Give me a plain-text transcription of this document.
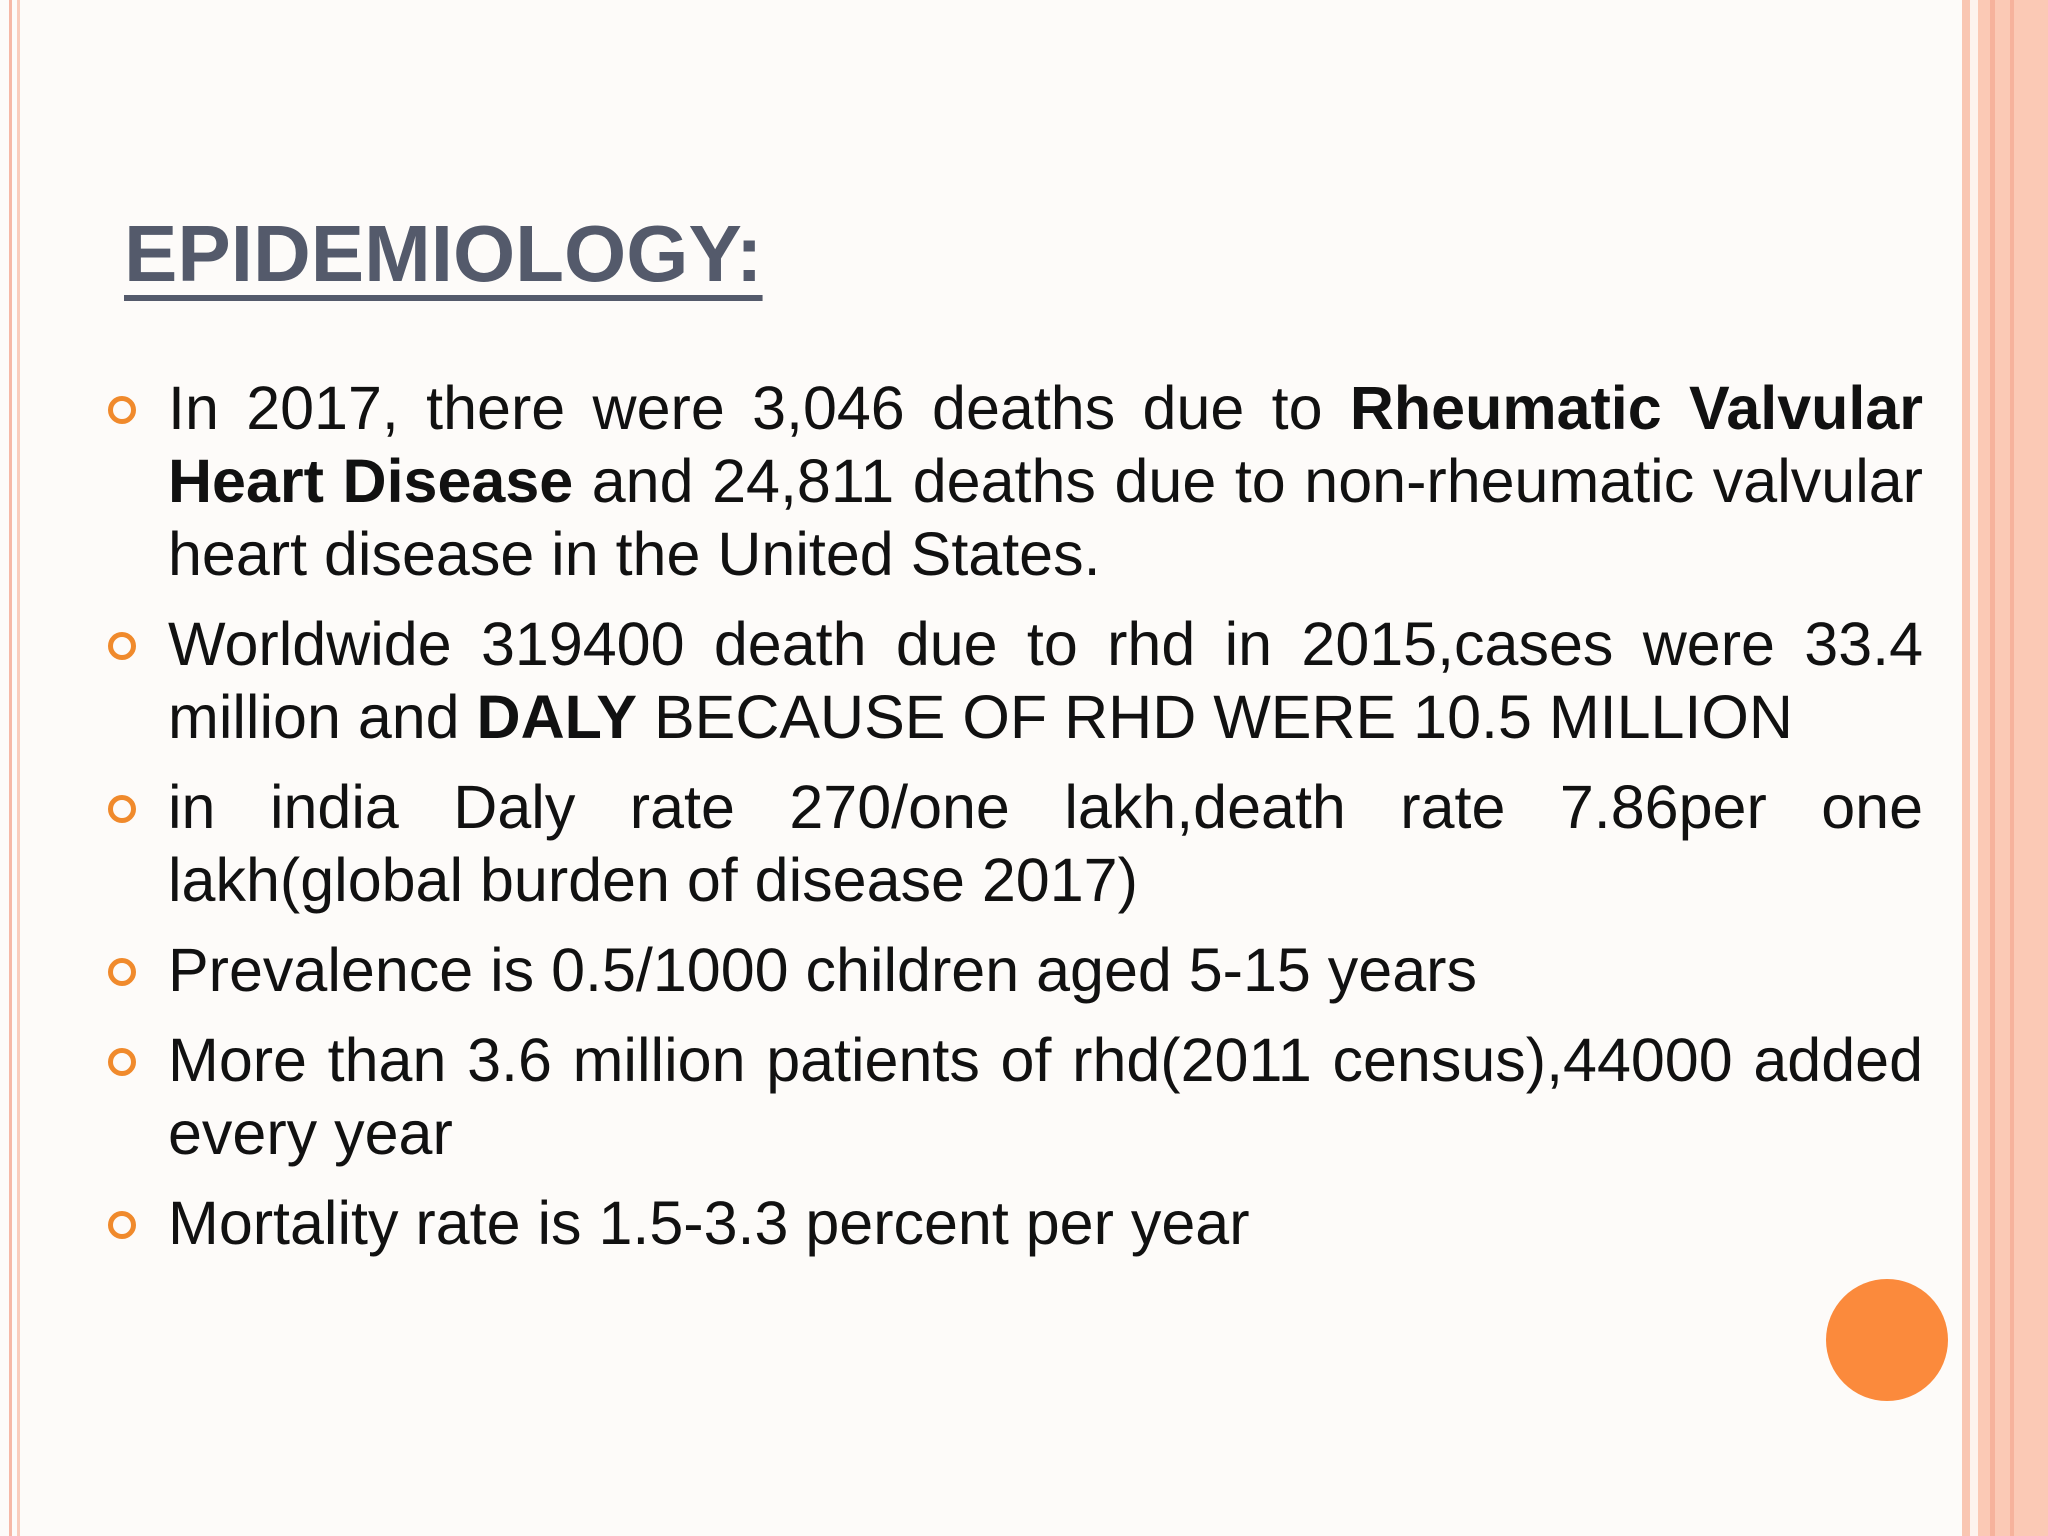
EPIDEMIOLOGY:
In 2017, there were 3,046 deaths due to Rheumatic Valvular Heart Disease and 24,811 deaths due to non-rheumatic valvular heart disease in the United States.
Worldwide 319400 death due to rhd in 2015,cases were 33.4 million and DALY BECAUSE OF RHD WERE 10.5 MILLION
in india Daly rate 270/one lakh,death rate 7.86per one lakh(global burden of disease 2017)
Prevalence is 0.5/1000 children aged 5-15 years
More than 3.6 million patients of rhd(2011 census),44000 added every year
Mortality rate is 1.5-3.3 percent per year
